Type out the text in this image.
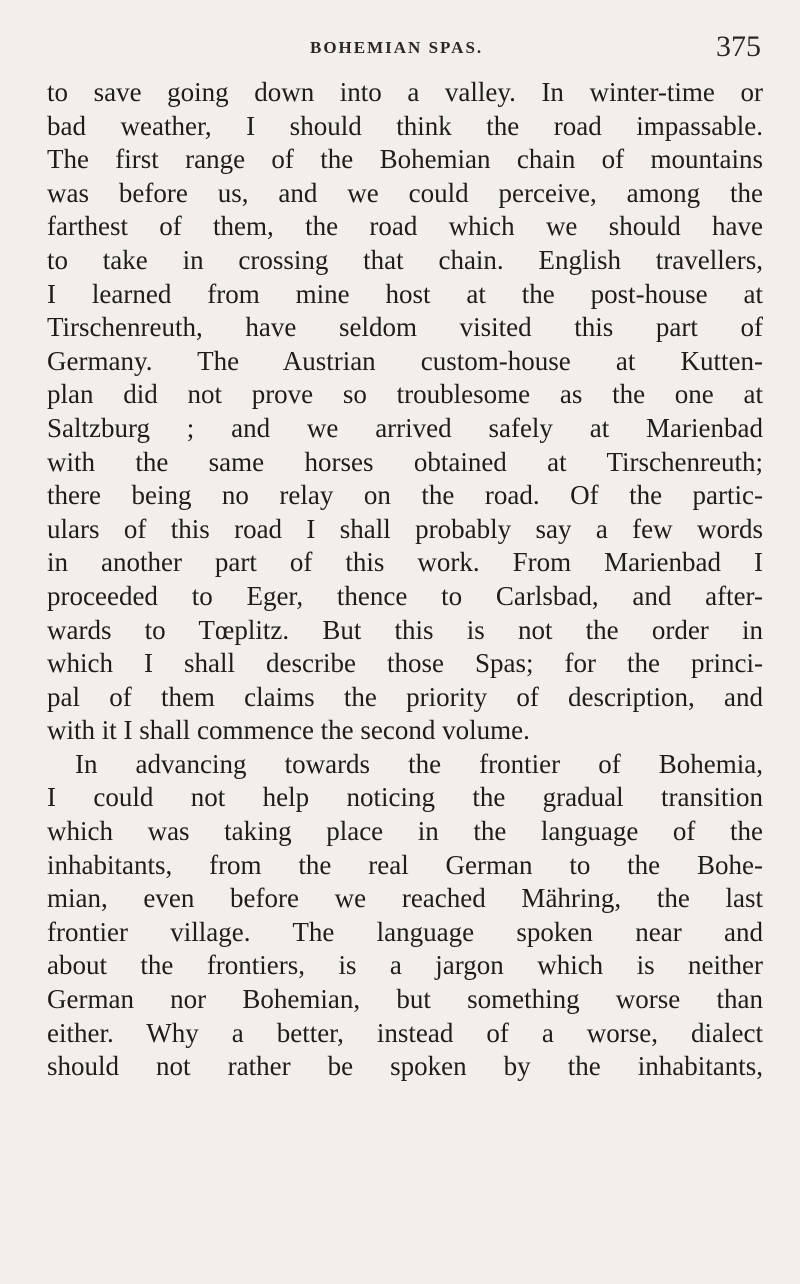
BOHEMIAN SPAS.	375
to save going down into a valley. In winter-time or
bad weather, I should think the road impassable.
The first range of the Bohemian chain of mountains
was before us, and we could perceive, among the
farthest of them, the road which we should have
to take in crossing that chain. English travellers,
I learned from mine host at the post-house at
Tirschenreuth, have seldom visited this part of
Germany. The Austrian custom-house at Kutten-
plan did not prove so troublesome as the one at
Saltzburg ; and we arrived safely at Marienbad
with the same horses obtained at Tirschenreuth;
there being no relay on the road. Of the partic-
ulars of this road I shall probably say a few words
in another part of this work. From Marienbad I
proceeded to Eger, thence to Carlsbad, and after-
wards to Tœplitz. But this is not the order in
which I shall describe those Spas; for the princi-
pal of them claims the priority of description, and
with it I shall commence the second volume.
In advancing towards the frontier of Bohemia,
I could not help noticing the gradual transition
which was taking place in the language of the
inhabitants, from the real German to the Bohe-
mian, even before we reached Mähring, the last
frontier village. The language spoken near and
about the frontiers, is a jargon which is neither
German nor Bohemian, but something worse than
either. Why a better, instead of a worse, dialect
should not rather be spoken by the inhabitants,
